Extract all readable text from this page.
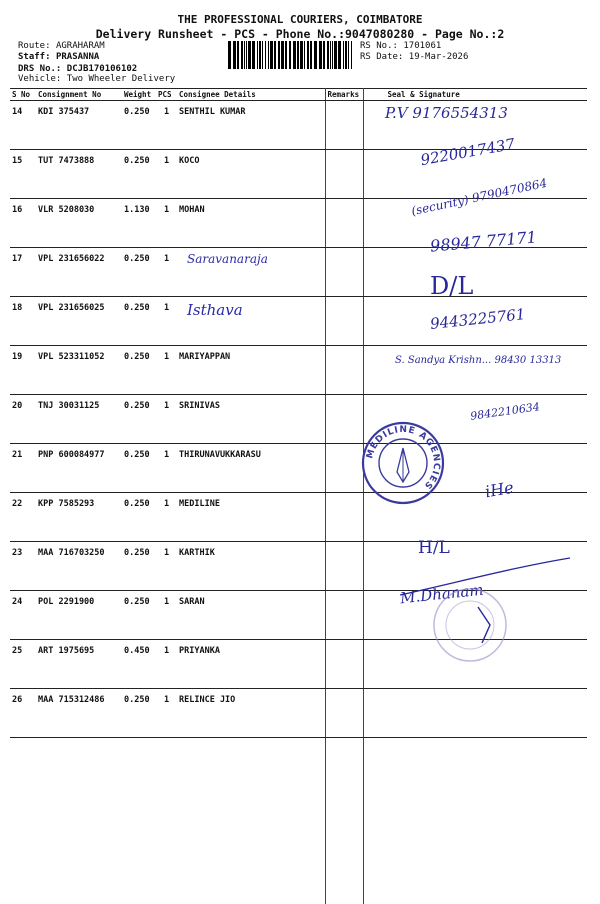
THE PROFESSIONAL COURIERS, COIMBATORE
Delivery Runsheet - PCS - Phone No.:9047080280 - Page No.:2
Route: AGRAHARAM
Staff: PRASANNA
DRS No.: DCJB170106102
Vehicle: Two Wheeler Delivery
RS No.: 1701061
RS Date: 19-Mar-2026
S No	Consignment No	Weight	PCS	Consignee Details	Remarks	Seal & Signature
14	KDI 375437	0.250	1	SENTHIL KUMAR		
15	TUT 7473888	0.250	1	KOCO		
16	VLR 5208030	1.130	1	MOHAN		
17	VPL 231656022	0.250	1	Saravanaraja		

18	VPL 231656025	0.250	1	Isthava		

19	VPL 523311052	0.250	1	MARIYAPPAN		
20	TNJ 30031125	0.250	1	SRINIVAS		
21	PNP 600084977	0.250	1	THIRUNAVUKKARASU		
22	KPP 7585293	0.250	1	MEDILINE		
23	MAA 716703250	0.250	1	KARTHIK		
24	POL 2291900	0.250	1	SARAN		
25	ART 1975695	0.450	1	PRIYANKA		
26	MAA 715312486	0.250	1	RELINCE JIO		

P.V 9176554313
9220017437
(security) 9790470864
98947 77171
D/L
9443225761
S. Sandya Krishn... 98430 13313
9842210634
iHe
H/L
M.Dhanam
MEDILINE AGENCIES
